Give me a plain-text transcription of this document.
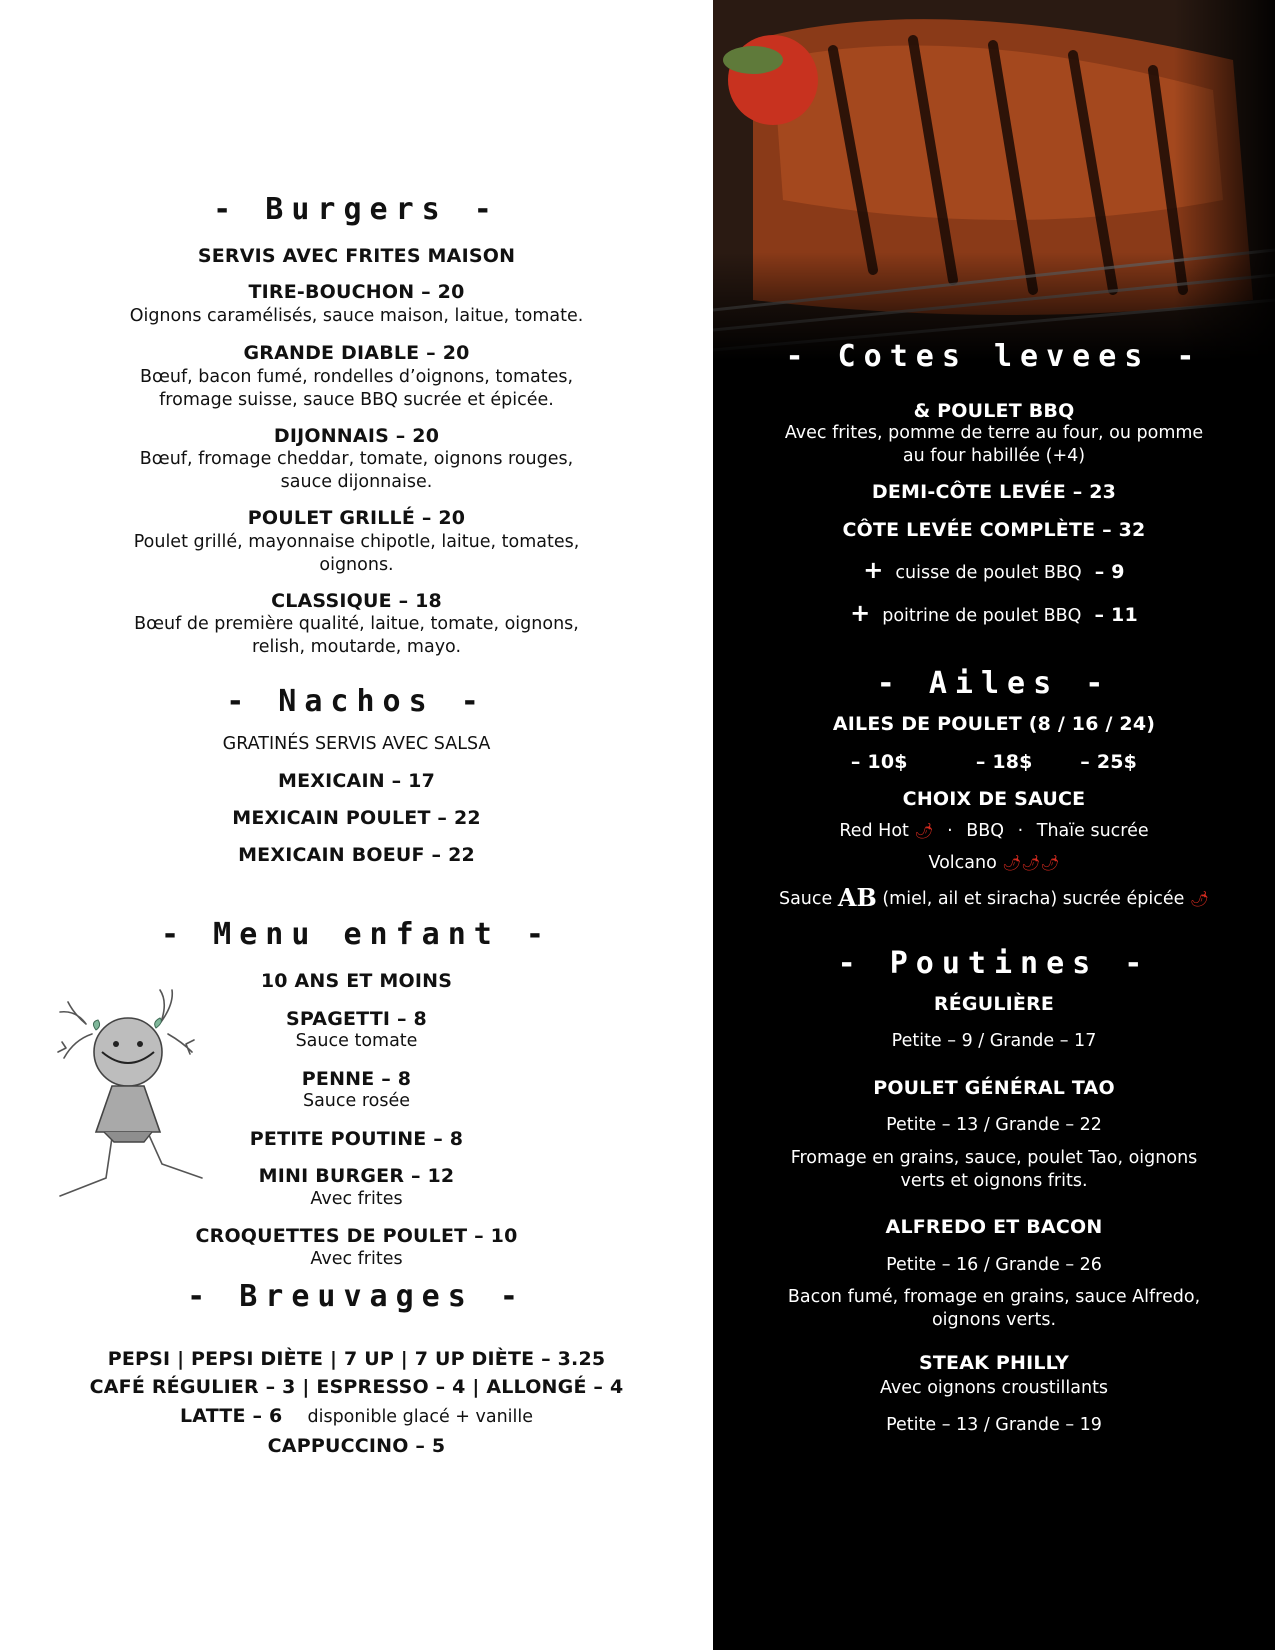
- Burgers -
SERVIS AVEC FRITES MAISON
TIRE-BOUCHON – 20
Oignons caramélisés, sauce maison, laitue, tomate.
GRANDE DIABLE – 20
Bœuf, bacon fumé, rondelles d’oignons, tomates, fromage suisse, sauce BBQ sucrée et épicée.
DIJONNAIS – 20
Bœuf, fromage cheddar, tomate, oignons rouges, sauce dijonnaise.
POULET GRILLÉ – 20
Poulet grillé, mayonnaise chipotle, laitue, tomates, oignons.
CLASSIQUE – 18
Bœuf de première qualité, laitue, tomate, oignons, relish, moutarde, mayo.
- Nachos -
GRATINÉS SERVIS AVEC SALSA
MEXICAIN – 17
MEXICAIN POULET – 22
MEXICAIN BOEUF – 22
- Menu enfant -
10 ANS ET MOINS
SPAGETTI – 8
Sauce tomate
PENNE – 8
Sauce rosée
PETITE POUTINE – 8
MINI BURGER – 12
Avec frites
CROQUETTES DE POULET – 10
Avec frites
- Breuvages -
PEPSI | PEPSI DIÈTE | 7 UP | 7 UP DIÈTE – 3.25
CAFÉ RÉGULIER – 3 | ESPRESSO – 4 | ALLONGÉ – 4
LATTE – 6 disponible glacé + vanille
CAPPUCCINO – 5
- Cotes levees -
& POULET BBQ
Avec frites, pomme de terre au four, ou pomme au four habillée (+4)
DEMI-CÔTE LEVÉE – 23
CÔTE LEVÉE COMPLÈTE – 32
+ cuisse de poulet BBQ – 9
+ poitrine de poulet BBQ – 11
- Ailes -
AILES DE POULET (8 / 16 / 24)
– 10$          – 18$       – 25$
CHOIX DE SAUCE
Red Hot 🌶 · BBQ · Thaïe sucrée
Volcano 🌶🌶🌶
Sauce AB (miel, ail et siracha) sucrée épicée 🌶
- Poutines -
RÉGULIÈRE
Petite – 9 / Grande – 17
POULET GÉNÉRAL TAO
Petite – 13 / Grande – 22
Fromage en grains, sauce, poulet Tao, oignons verts et oignons frits.
ALFREDO ET BACON
Petite – 16 / Grande – 26
Bacon fumé, fromage en grains, sauce Alfredo, oignons verts.
STEAK PHILLY
Avec oignons croustillants
Petite – 13 / Grande – 19
